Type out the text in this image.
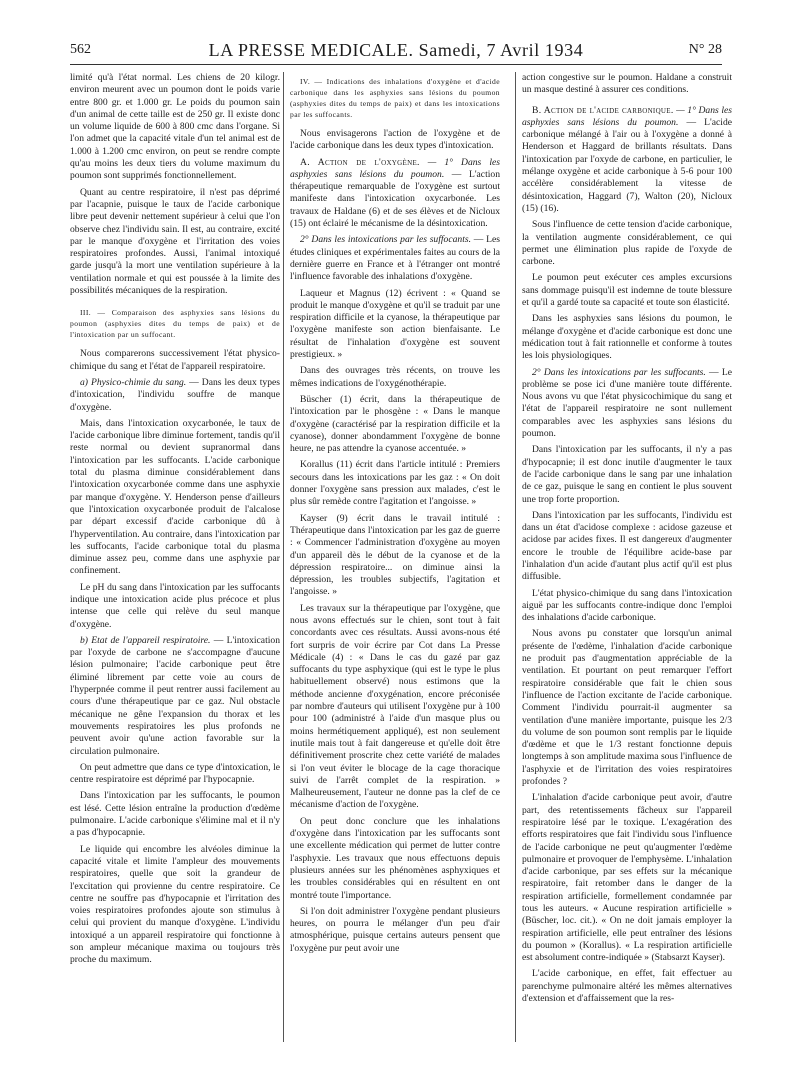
562	LA PRESSE MEDICALE. Samedi, 7 Avril 1934	N° 28

limité qu'à l'état normal. Les chiens de 20 kilogr. environ meurent avec un poumon dont le poids varie entre 800 gr. et 1.000 gr. Le poids du poumon sain d'un animal de cette taille est de 250 gr. Il existe donc un volume liquide de 600 à 800 cmc dans l'organe. Si l'on admet que la capacité vitale d'un tel animal est de 1.000 à 1.200 cmc environ, on peut se rendre compte qu'au moins les deux tiers du volume maximum du poumon sont supprimés fonctionnellement.

Quant au centre respiratoire, il n'est pas déprimé par l'acapnie, puisque le taux de l'acide carbonique libre peut devenir nettement supérieur à celui que l'on observe chez l'individu sain. Il est, au contraire, excité par le manque d'oxygène et l'irritation des voies respiratoires profondes. Aussi, l'animal intoxiqué garde jusqu'à la mort une ventilation supérieure à la ventilation normale et qui est poussée à la limite des possibilités mécaniques de la respiration.

III. — Comparaison des asphyxies sans lésions du poumon (asphyxies dites du temps de paix) et de l'intoxication par un suffocant.

Nous comparerons successivement l'état physico-chimique du sang et l'état de l'appareil respiratoire.

a) Physico-chimie du sang. — Dans les deux types d'intoxication, l'individu souffre de manque d'oxygène.

Mais, dans l'intoxication oxycarbonée, le taux de l'acide carbonique libre diminue fortement, tandis qu'il reste normal ou devient supranormal dans l'intoxication par les suffocants. L'acide carbonique total du plasma diminue considérablement dans l'intoxication oxycarbonée comme dans une asphyxie par manque d'oxygène. Y. Henderson pense d'ailleurs que l'intoxication oxycarbonée produit de l'alcalose par départ excessif d'acide carbonique dû à l'hyperventilation. Au contraire, dans l'intoxication par les suffocants, l'acide carbonique total du plasma diminue assez peu, comme dans une asphyxie par confinement.

Le pH du sang dans l'intoxication par les suffocants indique une intoxication acide plus précoce et plus intense que celle qui relève du seul manque d'oxygène.

b) Etat de l'appareil respiratoire. — L'intoxication par l'oxyde de carbone ne s'accompagne d'aucune lésion pulmonaire; l'acide carbonique peut être éliminé librement par cette voie au cours de l'hyperpnée comme il peut rentrer aussi facilement au cours d'une thérapeutique par ce gaz. Nul obstacle mécanique ne gêne l'expansion du thorax et les mouvements respiratoires les plus profonds ne peuvent avoir qu'une action favorable sur la circulation pulmonaire.

On peut admettre que dans ce type d'intoxication, le centre respiratoire est déprimé par l'hypocapnie.

Dans l'intoxication par les suffocants, le poumon est lésé. Cette lésion entraîne la production d'œdème pulmonaire. L'acide carbonique s'élimine mal et il n'y a pas d'hypocapnie.

Le liquide qui encombre les alvéoles diminue la capacité vitale et limite l'ampleur des mouvements respiratoires, quelle que soit la grandeur de l'excitation qui provienne du centre respiratoire. Ce centre ne souffre pas d'hypocapnie et l'irritation des voies respiratoires profondes ajoute son stimulus à celui qui provient du manque d'oxygène. L'individu intoxiqué a un appareil respiratoire qui fonctionne à son ampleur mécanique maxima ou toujours très proche du maximum.

IV. — Indications des inhalations d'oxygène et d'acide carbonique dans les asphyxies sans lésions du poumon (asphyxies dites du temps de paix) et dans les intoxications par les suffocants.

Nous envisagerons l'action de l'oxygène et de l'acide carbonique dans les deux types d'intoxication.

A. Action de l'oxygène. — 1° Dans les asphyxies sans lésions du poumon. — L'action thérapeutique remarquable de l'oxygène est surtout manifeste dans l'intoxication oxycarbonée. Les travaux de Haldane (6) et de ses élèves et de Nicloux (15) ont éclairé le mécanisme de la désintoxication.

2° Dans les intoxications par les suffocants. — Les études cliniques et expérimentales faites au cours de la dernière guerre en France et à l'étranger ont montré l'influence favorable des inhalations d'oxygène.

Laqueur et Magnus (12) écrivent : « Quand se produit le manque d'oxygène et qu'il se traduit par une respiration difficile et la cyanose, la thérapeutique par l'oxygène manifeste son action bienfaisante. Le résultat de l'inhalation d'oxygène est souvent prestigieux. »

Dans des ouvrages très récents, on trouve les mêmes indications de l'oxygénothérapie.

Büscher (1) écrit, dans la thérapeutique de l'intoxication par le phosgène : « Dans le manque d'oxygène (caractérisé par la respiration difficile et la cyanose), donner abondamment l'oxygène de bonne heure, ne pas attendre la cyanose accentuée. »

Korallus (11) écrit dans l'article intitulé : Premiers secours dans les intoxications par les gaz : « On doit donner l'oxygène sans pression aux malades, c'est le plus sûr remède contre l'agitation et l'angoisse. »

Kayser (9) écrit dans le travail intitulé : Thérapeutique dans l'intoxication par les gaz de guerre : « Commencer l'administration d'oxygène au moyen d'un appareil dès le début de la cyanose et de la dépression respiratoire... on diminue ainsi la dépression, les troubles subjectifs, l'agitation et l'angoisse. »

Les travaux sur la thérapeutique par l'oxygène, que nous avons effectués sur le chien, sont tout à fait concordants avec ces résultats. Aussi avons-nous été fort surpris de voir écrire par Cot dans La Presse Médicale (4) : « Dans le cas du gazé par gaz suffocants du type asphyxique (qui est le type le plus habituellement observé) nous estimons que la méthode ancienne d'oxygénation, encore préconisée par nombre d'auteurs qui utilisent l'oxygène pur à 100 pour 100 (administré à l'aide d'un masque plus ou moins hermétiquement appliqué), est non seulement inutile mais tout à fait dangereuse et qu'elle doit être définitivement proscrite chez cette variété de malades si l'on veut éviter le blocage de la cage thoracique suivi de l'arrêt complet de la respiration. » Malheureusement, l'auteur ne donne pas la clef de ce mécanisme d'action de l'oxygène.

On peut donc conclure que les inhalations d'oxygène dans l'intoxication par les suffocants sont une excellente médication qui permet de lutter contre l'asphyxie. Les travaux que nous effectuons depuis plusieurs années sur les phénomènes asphyxiques et les troubles considérables qui en résultent en ont montré toute l'importance.

Si l'on doit administrer l'oxygène pendant plusieurs heures, on pourra le mélanger d'un peu d'air atmosphérique, puisque certains auteurs pensent que l'oxygène pur peut avoir une

action congestive sur le poumon. Haldane a construit un masque destiné à assurer ces conditions.

B. Action de l'acide carbonique. — 1° Dans les asphyxies sans lésions du poumon. — L'acide carbonique mélangé à l'air ou à l'oxygène a donné à Henderson et Haggard de brillants résultats. Dans l'intoxication par l'oxyde de carbone, en particulier, le mélange oxygène et acide carbonique à 5-6 pour 100 accélère considérablement la vitesse de désintoxication, Haggard (7), Walton (20), Nicloux (15) (16).

Sous l'influence de cette tension d'acide carbonique, la ventilation augmente considérablement, ce qui permet une élimination plus rapide de l'oxyde de carbone.

Le poumon peut exécuter ces amples excursions sans dommage puisqu'il est indemne de toute blessure et qu'il a gardé toute sa capacité et toute son élasticité.

Dans les asphyxies sans lésions du poumon, le mélange d'oxygène et d'acide carbonique est donc une médication tout à fait rationnelle et conforme à toutes les lois physiologiques.

2° Dans les intoxications par les suffocants. — Le problème se pose ici d'une manière toute différente. Nous avons vu que l'état physicochimique du sang et l'état de l'appareil respiratoire ne sont nullement comparables avec les asphyxies sans lésions du poumon.

Dans l'intoxication par les suffocants, il n'y a pas d'hypocapnie; il est donc inutile d'augmenter le taux de l'acide carbonique dans le sang par une inhalation de ce gaz, puisque le sang en contient le plus souvent une trop forte proportion.

Dans l'intoxication par les suffocants, l'individu est dans un état d'acidose complexe : acidose gazeuse et acidose par acides fixes. Il est dangereux d'augmenter encore le trouble de l'équilibre acide-base par l'inhalation d'un acide d'autant plus actif qu'il est plus diffusible.

L'état physico-chimique du sang dans l'intoxication aiguë par les suffocants contre-indique donc l'emploi des inhalations d'acide carbonique.

Nous avons pu constater que lorsqu'un animal présente de l'œdème, l'inhalation d'acide carbonique ne produit pas d'augmentation appréciable de la ventilation. Et pourtant on peut remarquer l'effort respiratoire considérable que fait le chien sous l'influence de l'action excitante de l'acide carbonique. Comment l'individu pourrait-il augmenter sa ventilation d'une manière importante, puisque les 2/3 du volume de son poumon sont remplis par le liquide d'œdème et que le 1/3 restant fonctionne depuis longtemps à son amplitude maxima sous l'influence de l'asphyxie et de l'irritation des voies respiratoires profondes ?

L'inhalation d'acide carbonique peut avoir, d'autre part, des retentissements fâcheux sur l'appareil respiratoire lésé par le toxique. L'exagération des efforts respiratoires que fait l'individu sous l'influence de l'acide carbonique ne peut qu'augmenter l'œdème pulmonaire et provoquer de l'emphysème. L'inhalation d'acide carbonique, par ses effets sur la mécanique respiratoire, fait retomber dans le danger de la respiration artificielle, formellement condamnée par tous les auteurs. « Aucune respiration artificielle » (Büscher, loc. cit.). « On ne doit jamais employer la respiration artificielle, elle peut entraîner des lésions du poumon » (Korallus). « La respiration artificielle est absolument contre-indiquée » (Stabsarzt Kayser).

L'acide carbonique, en effet, fait effectuer au parenchyme pulmonaire altéré les mêmes alternatives d'extension et d'affaissement que la res-
